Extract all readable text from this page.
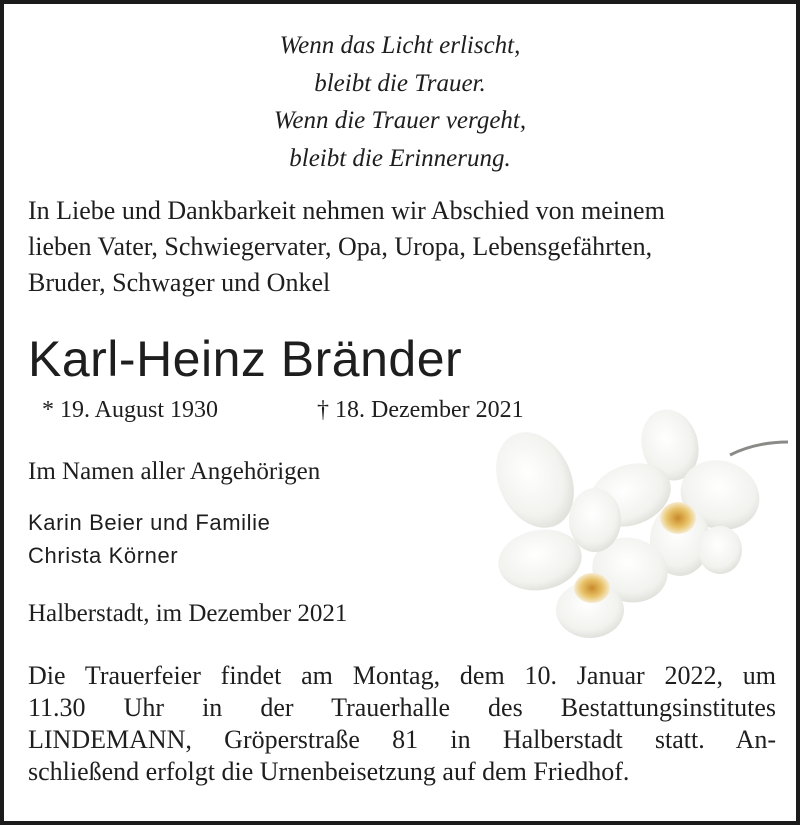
Wenn das Licht erlischt,
bleibt die Trauer.
Wenn die Trauer vergeht,
bleibt die Erinnerung.
In Liebe und Dankbarkeit nehmen wir Abschied von meinem
lieben Vater, Schwiegervater, Opa, Uropa, Lebensgefährten,
Bruder, Schwager und Onkel
Karl-Heinz Bränder
* 19. August 1930	† 18. Dezember 2021
Im Namen aller Angehörigen
Karin Beier und Familie
Christa Körner
Halberstadt, im Dezember 2021
Die Trauerfeier findet am Montag, dem 10. Januar 2022, um
11.30 Uhr in der Trauerhalle des Bestattungsinstitutes
LINDEMANN, Gröperstraße 81 in Halberstadt statt. An-
schließend erfolgt die Urnenbeisetzung auf dem Friedhof.
